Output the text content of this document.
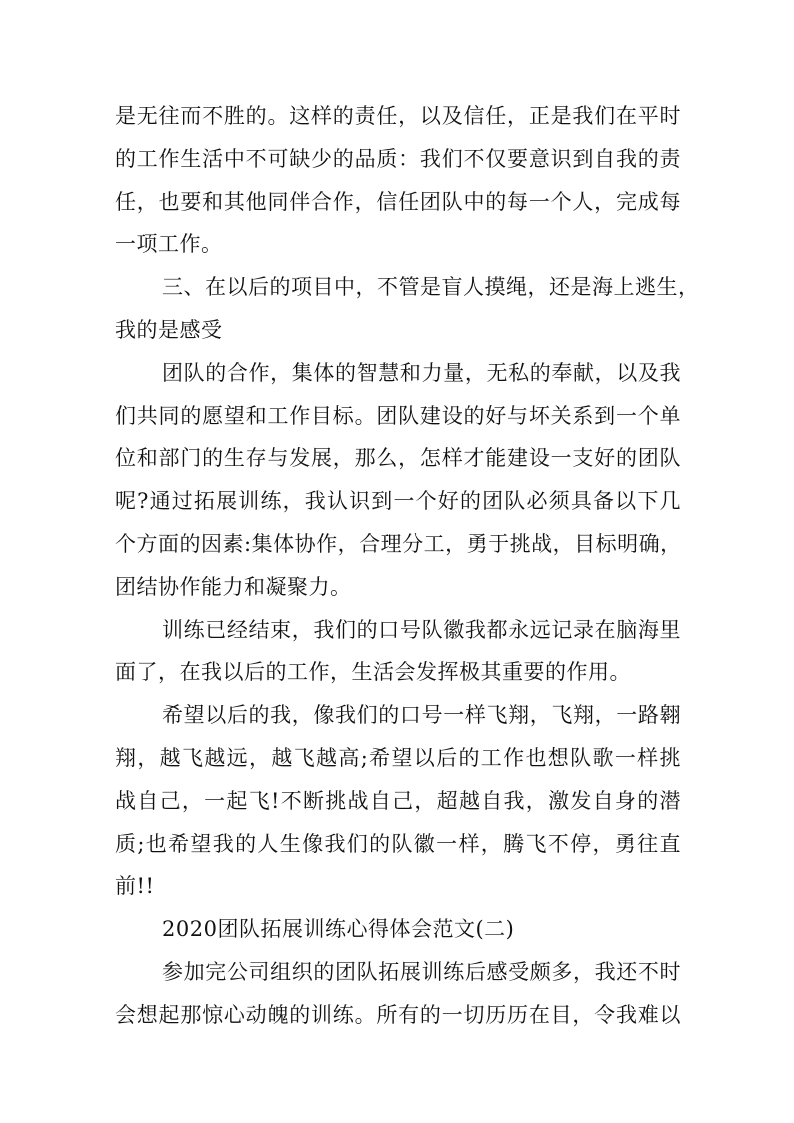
是无往而不胜的。这样的责任，以及信任，正是我们在平时
的工作生活中不可缺少的品质：我们不仅要意识到自我的责
任，也要和其他同伴合作，信任团队中的每一个人，完成每
一项工作。
三、在以后的项目中，不管是盲人摸绳，还是海上逃生，
我的是感受
团队的合作，集体的智慧和力量，无私的奉献，以及我
们共同的愿望和工作目标。团队建设的好与坏关系到一个单
位和部门的生存与发展，那么，怎样才能建设一支好的团队
呢?通过拓展训练，我认识到一个好的团队必须具备以下几
个方面的因素:集体协作，合理分工，勇于挑战，目标明确，
团结协作能力和凝聚力。
训练已经结束，我们的口号队徽我都永远记录在脑海里
面了，在我以后的工作，生活会发挥极其重要的作用。
希望以后的我，像我们的口号一样飞翔，飞翔，一路翱
翔，越飞越远，越飞越高;希望以后的工作也想队歌一样挑
战自己，一起飞!不断挑战自己，超越自我，激发自身的潜
质;也希望我的人生像我们的队徽一样，腾飞不停，勇往直
前!!
2020团队拓展训练心得体会范文(二)
参加完公司组织的团队拓展训练后感受颇多，我还不时
会想起那惊心动魄的训练。所有的一切历历在目，令我难以
